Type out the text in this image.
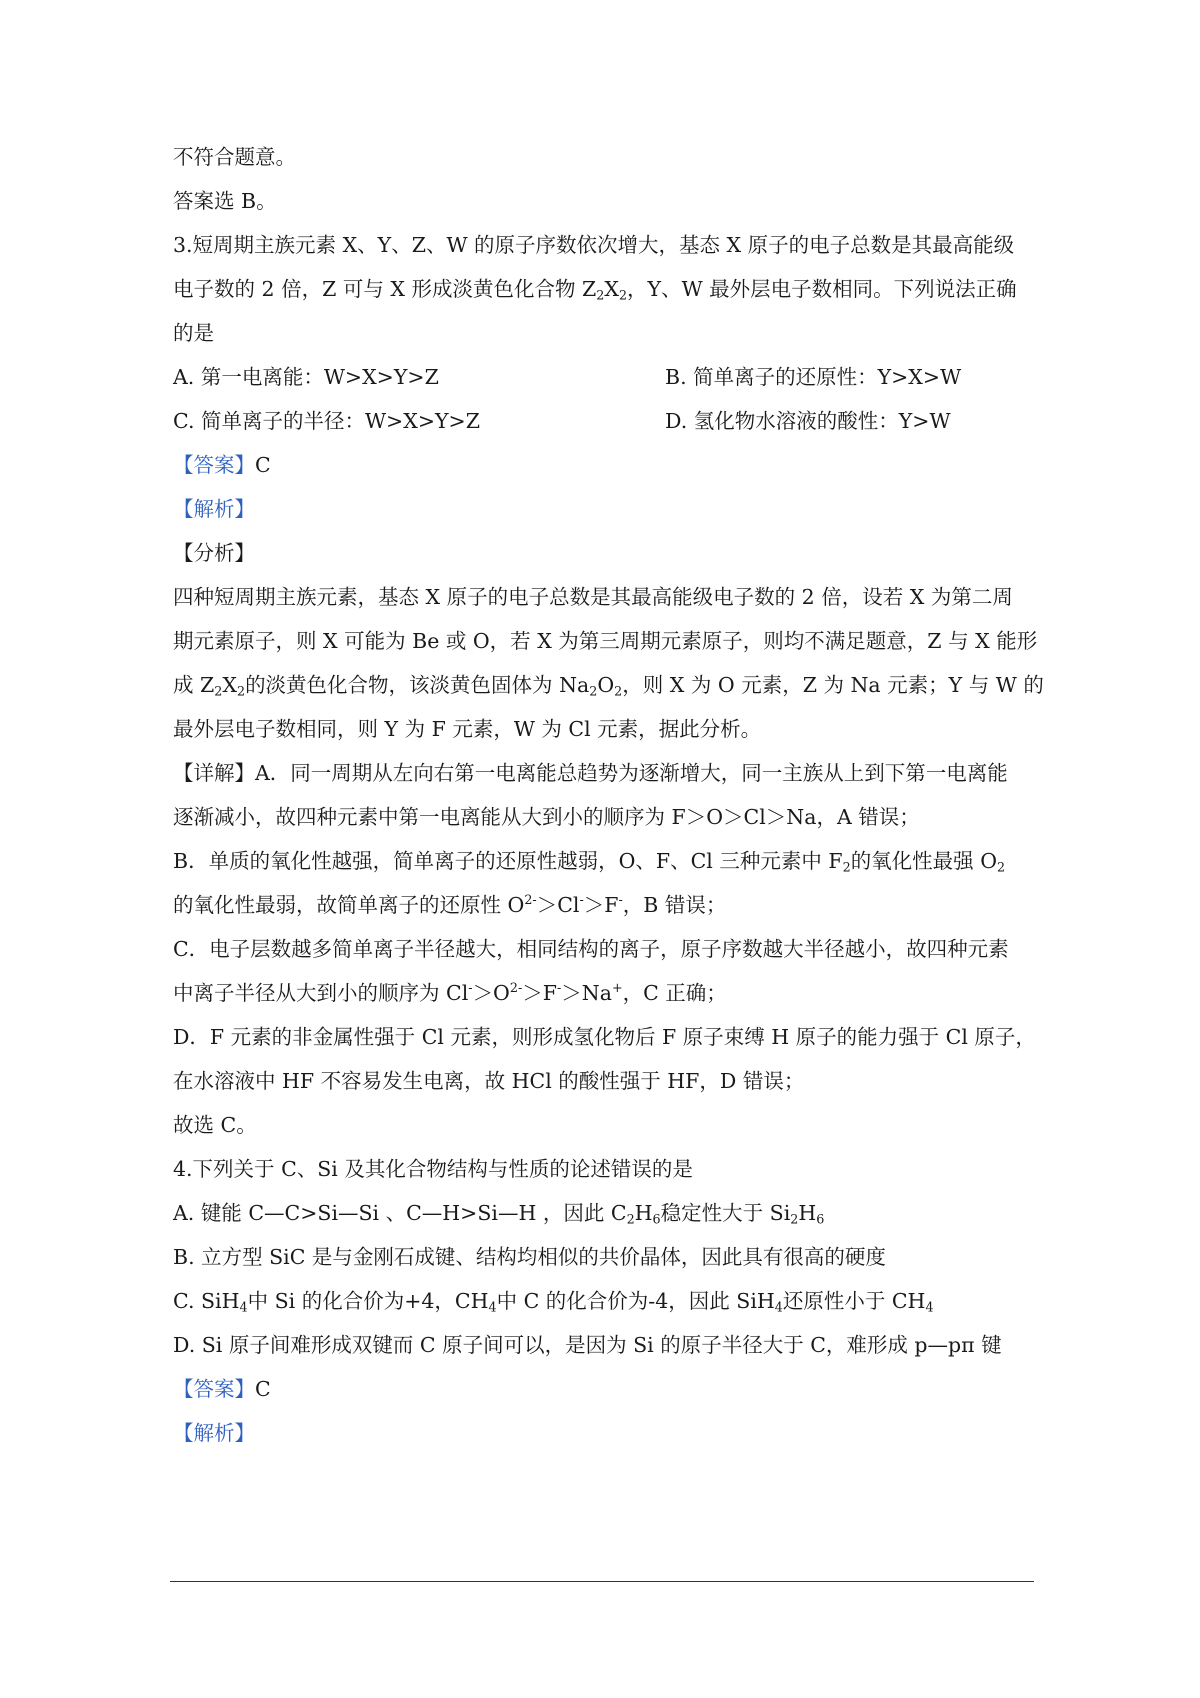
不符合题意。
答案选 B。
3.短周期主族元素 X、Y、Z、W 的原子序数依次增大，基态 X 原子的电子总数是其最高能级
电子数的 2 倍，Z 可与 X 形成淡黄色化合物 $Z_2X_2$，Y、W 最外层电子数相同。下列说法正确
的是
A. 第一电离能：W>X>Y>Z	B. 简单离子的还原性：Y>X>W
C. 简单离子的半径：W>X>Y>Z	D. 氢化物水溶液的酸性：Y>W
【答案】C
【解析】
【分析】
四种短周期主族元素，基态 X 原子的电子总数是其最高能级电子数的 2 倍，设若 X 为第二周
期元素原子，则 X 可能为 Be 或 O，若 X 为第三周期元素原子，则均不满足题意，Z 与 X 能形
成 $Z_2X_2$的淡黄色化合物，该淡黄色固体为 $Na_2O_2$，则 X 为 O 元素，Z 为 Na 元素；Y 与 W 的
最外层电子数相同，则 Y 为 F 元素，W 为 Cl 元素，据此分析。
【详解】A．同一周期从左向右第一电离能总趋势为逐渐增大，同一主族从上到下第一电离能
逐渐减小，故四种元素中第一电离能从大到小的顺序为 F＞O＞Cl＞Na，A 错误；
B．单质的氧化性越强，简单离子的还原性越弱，O、F、Cl 三种元素中 $F_2$的氧化性最强 $O_2$
的氧化性最弱，故简单离子的还原性 $O^{2-}>Cl^->F^-$，B 错误；
C．电子层数越多简单离子半径越大，相同结构的离子，原子序数越大半径越小，故四种元素
中离子半径从大到小的顺序为 $Cl^->O^{2-}>F^->Na^+$，C 正确；
D．F 元素的非金属性强于 Cl 元素，则形成氢化物后 F 原子束缚 H 原子的能力强于 Cl 原子，
在水溶液中 HF 不容易发生电离，故 HCl 的酸性强于 HF，D 错误；
故选 C。
4.下列关于 C、Si 及其化合物结构与性质的论述错误的是
A. 键能 C—C>Si—Si 、C—H>Si—H ，因此 $C_2H_6$稳定性大于 $Si_2H_6$
B. 立方型 SiC 是与金刚石成键、结构均相似的共价晶体，因此具有很高的硬度
C. SiH$_4$中 Si 的化合价为+4，$CH_4$中 C 的化合价为-4，因此 SiH$_4$还原性小于 $CH_4$
D. Si 原子间难形成双键而 C 原子间可以，是因为 Si 的原子半径大于 C，难形成 p—pπ 键
【答案】C
【解析】
